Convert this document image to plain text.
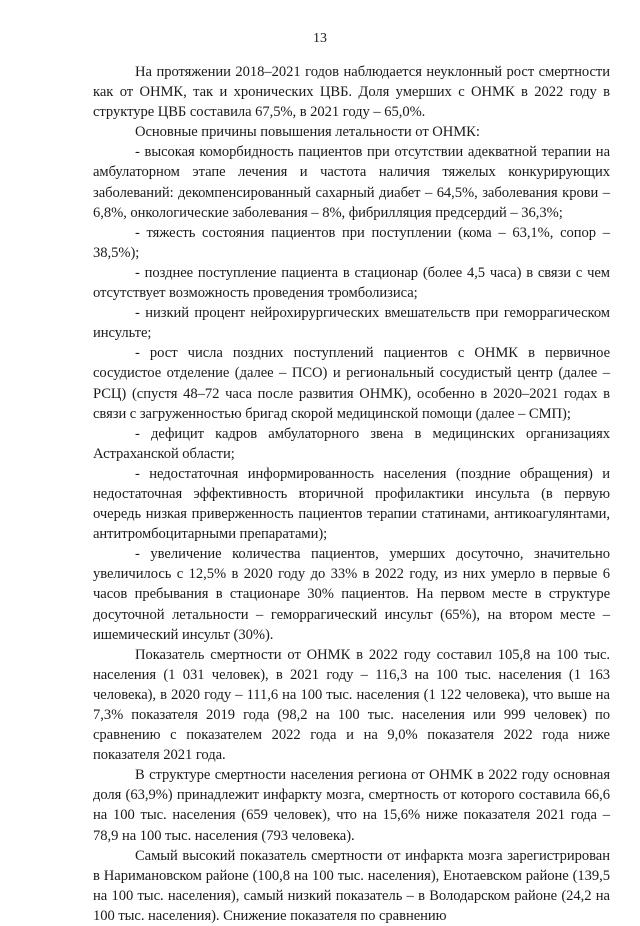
13

На протяжении 2018–2021 годов наблюдается неуклонный рост смертности как от ОНМК, так и хронических ЦВБ. Доля умерших с ОНМК в 2022 году в структуре ЦВБ составила 67,5%, в 2021 году – 65,0%.

Основные причины повышения летальности от ОНМК:

- высокая коморбидность пациентов при отсутствии адекватной терапии на амбулаторном этапе лечения и частота наличия тяжелых конкурирующих заболеваний: декомпенсированный сахарный диабет – 64,5%, заболевания крови – 6,8%, онкологические заболевания – 8%, фибрилляция предсердий – 36,3%;

- тяжесть состояния пациентов при поступлении (кома – 63,1%, сопор – 38,5%);

- позднее поступление пациента в стационар (более 4,5 часа) в связи с чем отсутствует возможность проведения тромболизиса;

- низкий процент нейрохирургических вмешательств при геморрагическом инсульте;

- рост числа поздних поступлений пациентов с ОНМК в первичное сосудистое отделение (далее – ПСО) и региональный сосудистый центр (далее – РСЦ) (спустя 48–72 часа после развития ОНМК), особенно в 2020–2021 годах в связи с загруженностью бригад скорой медицинской помощи (далее – СМП);

- дефицит кадров амбулаторного звена в медицинских организациях Астраханской области;

- недостаточная информированность населения (поздние обращения) и недостаточная эффективность вторичной профилактики инсульта (в первую очередь низкая приверженность пациентов терапии статинами, антикоагулянтами, антитромбоцитарными препаратами);

- увеличение количества пациентов, умерших досуточно, значительно увеличилось с 12,5% в 2020 году до 33% в 2022 году, из них умерло в первые 6 часов пребывания в стационаре 30% пациентов. На первом месте в структуре досуточной летальности – геморрагический инсульт (65%), на втором месте – ишемический инсульт (30%).

Показатель смертности от ОНМК в 2022 году составил 105,8 на 100 тыс. населения (1 031 человек), в 2021 году – 116,3 на 100 тыс. населения (1 163 человека), в 2020 году – 111,6 на 100 тыс. населения (1 122 человека), что выше на 7,3% показателя 2019 года (98,2 на 100 тыс. населения или 999 человек) по сравнению с показателем 2022 года и на 9,0% показателя 2022 года ниже показателя 2021 года.

В структуре смертности населения региона от ОНМК в 2022 году основная доля (63,9%) принадлежит инфаркту мозга, смертность от которого составила 66,6 на 100 тыс. населения (659 человек), что на 15,6% ниже показателя 2021 года – 78,9 на 100 тыс. населения (793 человека).

Самый высокий показатель смертности от инфаркта мозга зарегистрирован в Наримановском районе (100,8 на 100 тыс. населения), Енотаевском районе (139,5 на 100 тыс. населения), самый низкий показатель – в Володарском районе (24,2 на 100 тыс. населения). Снижение показателя по сравнению
